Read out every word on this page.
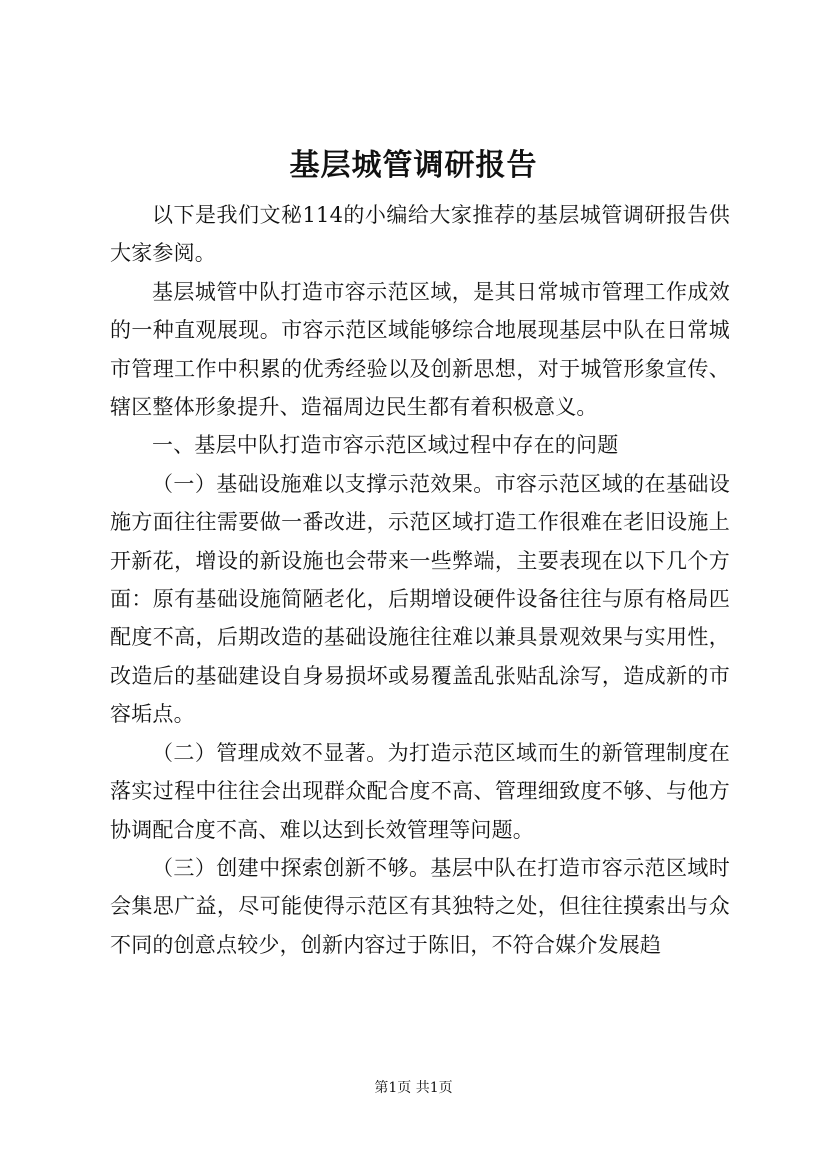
基层城管调研报告

以下是我们文秘114的小编给大家推荐的基层城管调研报告供大家参阅。

基层城管中队打造市容示范区域，是其日常城市管理工作成效的一种直观展现。市容示范区域能够综合地展现基层中队在日常城市管理工作中积累的优秀经验以及创新思想，对于城管形象宣传、辖区整体形象提升、造福周边民生都有着积极意义。

一、基层中队打造市容示范区域过程中存在的问题

（一）基础设施难以支撑示范效果。市容示范区域的在基础设施方面往往需要做一番改进，示范区域打造工作很难在老旧设施上开新花，增设的新设施也会带来一些弊端，主要表现在以下几个方面：原有基础设施简陋老化，后期增设硬件设备往往与原有格局匹配度不高，后期改造的基础设施往往难以兼具景观效果与实用性，改造后的基础建设自身易损坏或易覆盖乱张贴乱涂写，造成新的市容垢点。

（二）管理成效不显著。为打造示范区域而生的新管理制度在落实过程中往往会出现群众配合度不高、管理细致度不够、与他方协调配合度不高、难以达到长效管理等问题。

（三）创建中探索创新不够。基层中队在打造市容示范区域时会集思广益，尽可能使得示范区有其独特之处，但往往摸索出与众不同的创意点较少，创新内容过于陈旧，不符合媒介发展趋

第1页 共1页
